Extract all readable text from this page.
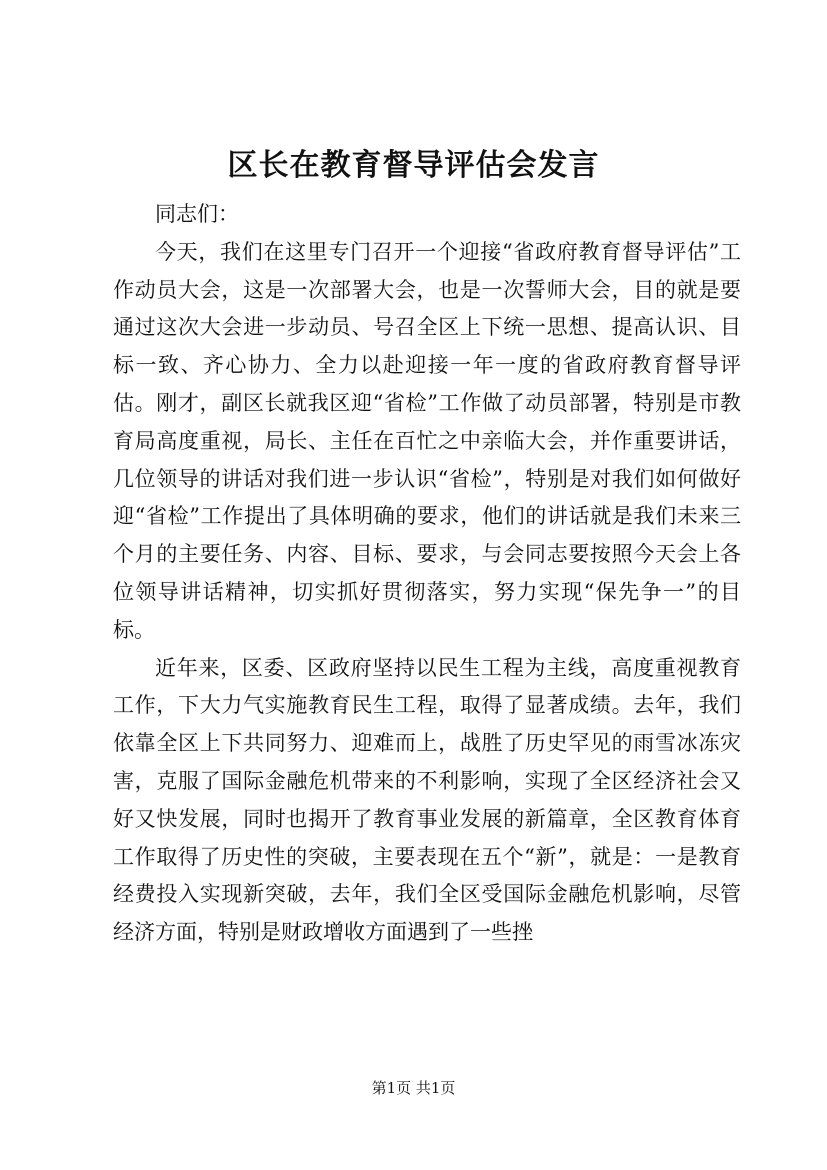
区长在教育督导评估会发言

同志们：

今天，我们在这里专门召开一个迎接“省政府教育督导评估”工作动员大会，这是一次部署大会，也是一次誓师大会，目的就是要通过这次大会进一步动员、号召全区上下统一思想、提高认识、目标一致、齐心协力、全力以赴迎接一年一度的省政府教育督导评估。刚才，副区长就我区迎“省检”工作做了动员部署，特别是市教育局高度重视，局长、主任在百忙之中亲临大会，并作重要讲话，几位领导的讲话对我们进一步认识“省检”，特别是对我们如何做好迎“省检”工作提出了具体明确的要求，他们的讲话就是我们未来三个月的主要任务、内容、目标、要求，与会同志要按照今天会上各位领导讲话精神，切实抓好贯彻落实，努力实现“保先争一”的目标。

近年来，区委、区政府坚持以民生工程为主线，高度重视教育工作，下大力气实施教育民生工程，取得了显著成绩。去年，我们依靠全区上下共同努力、迎难而上，战胜了历史罕见的雨雪冰冻灾害，克服了国际金融危机带来的不利影响，实现了全区经济社会又好又快发展，同时也揭开了教育事业发展的新篇章，全区教育体育工作取得了历史性的突破，主要表现在五个“新”，就是：一是教育经费投入实现新突破，去年，我们全区受国际金融危机影响，尽管经济方面，特别是财政增收方面遇到了一些挫

第1页 共1页
